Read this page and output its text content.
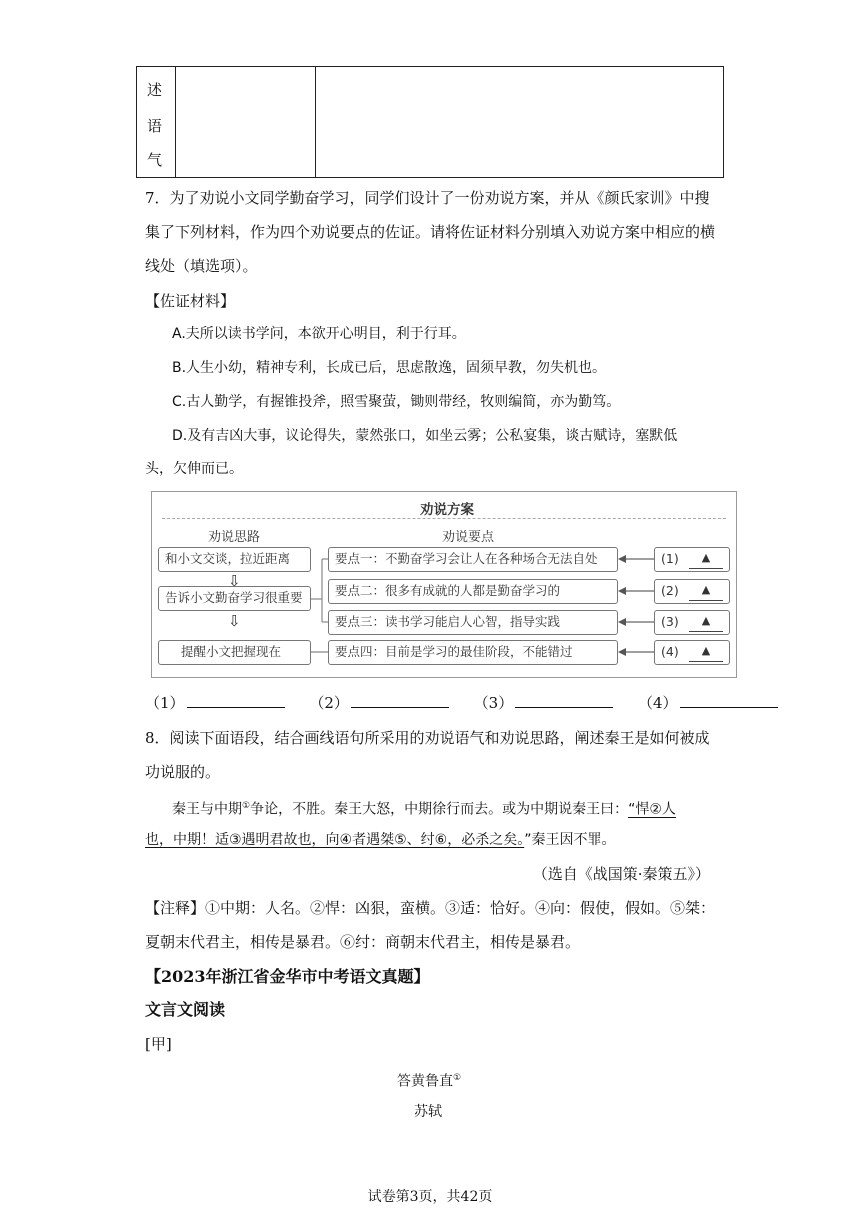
述
语
气
7．为了劝说小文同学勤奋学习，同学们设计了一份劝说方案，并从《颜氏家训》中搜
集了下列材料，作为四个劝说要点的佐证。请将佐证材料分别填入劝说方案中相应的横
线处（填选项）。
【佐证材料】
A.夫所以读书学问，本欲开心明目，利于行耳。
B.人生小幼，精神专利，长成已后，思虑散逸，固须早教，勿失机也。
C.古人勤学，有握锥投斧，照雪聚萤，锄则带经，牧则编简，亦为勤笃。
D.及有吉凶大事，议论得失，蒙然张口，如坐云雾；公私宴集，谈古赋诗，塞默低
头，欠伸而已。
劝说方案
劝说思路	劝说要点
和小文交谈，拉近距离
⇩
告诉小文勤奋学习很重要
⇩
提醒小文把握现在
要点一：不勤奋学习会让人在各种场合无法自处
要点二：很多有成就的人都是勤奋学习的
要点三：读书学习能启人心智，指导实践
要点四：目前是学习的最佳阶段，不能错过
(1)	▲
(2)	▲
(3)	▲
(4)	▲
（1）	（2）	（3）	（4）
8．阅读下面语段，结合画线语句所采用的劝说语气和劝说思路，阐述秦王是如何被成
功说服的。
秦王与中期①争论，不胜。秦王大怒，中期徐行而去。或为中期说秦王曰：“悍②人
也，中期！适③遇明君故也，向④者遇桀⑤、纣⑥，必杀之矣。”秦王因不罪。
（选自《战国策·秦策五》）
【注释】①中期：人名。②悍：凶狠，蛮横。③适：恰好。④向：假使，假如。⑤桀：
夏朝末代君主，相传是暴君。⑥纣：商朝末代君主，相传是暴君。
【2023年浙江省金华市中考语文真题】
文言文阅读
[甲]
答黄鲁直①
苏轼
试卷第3页，共42页
